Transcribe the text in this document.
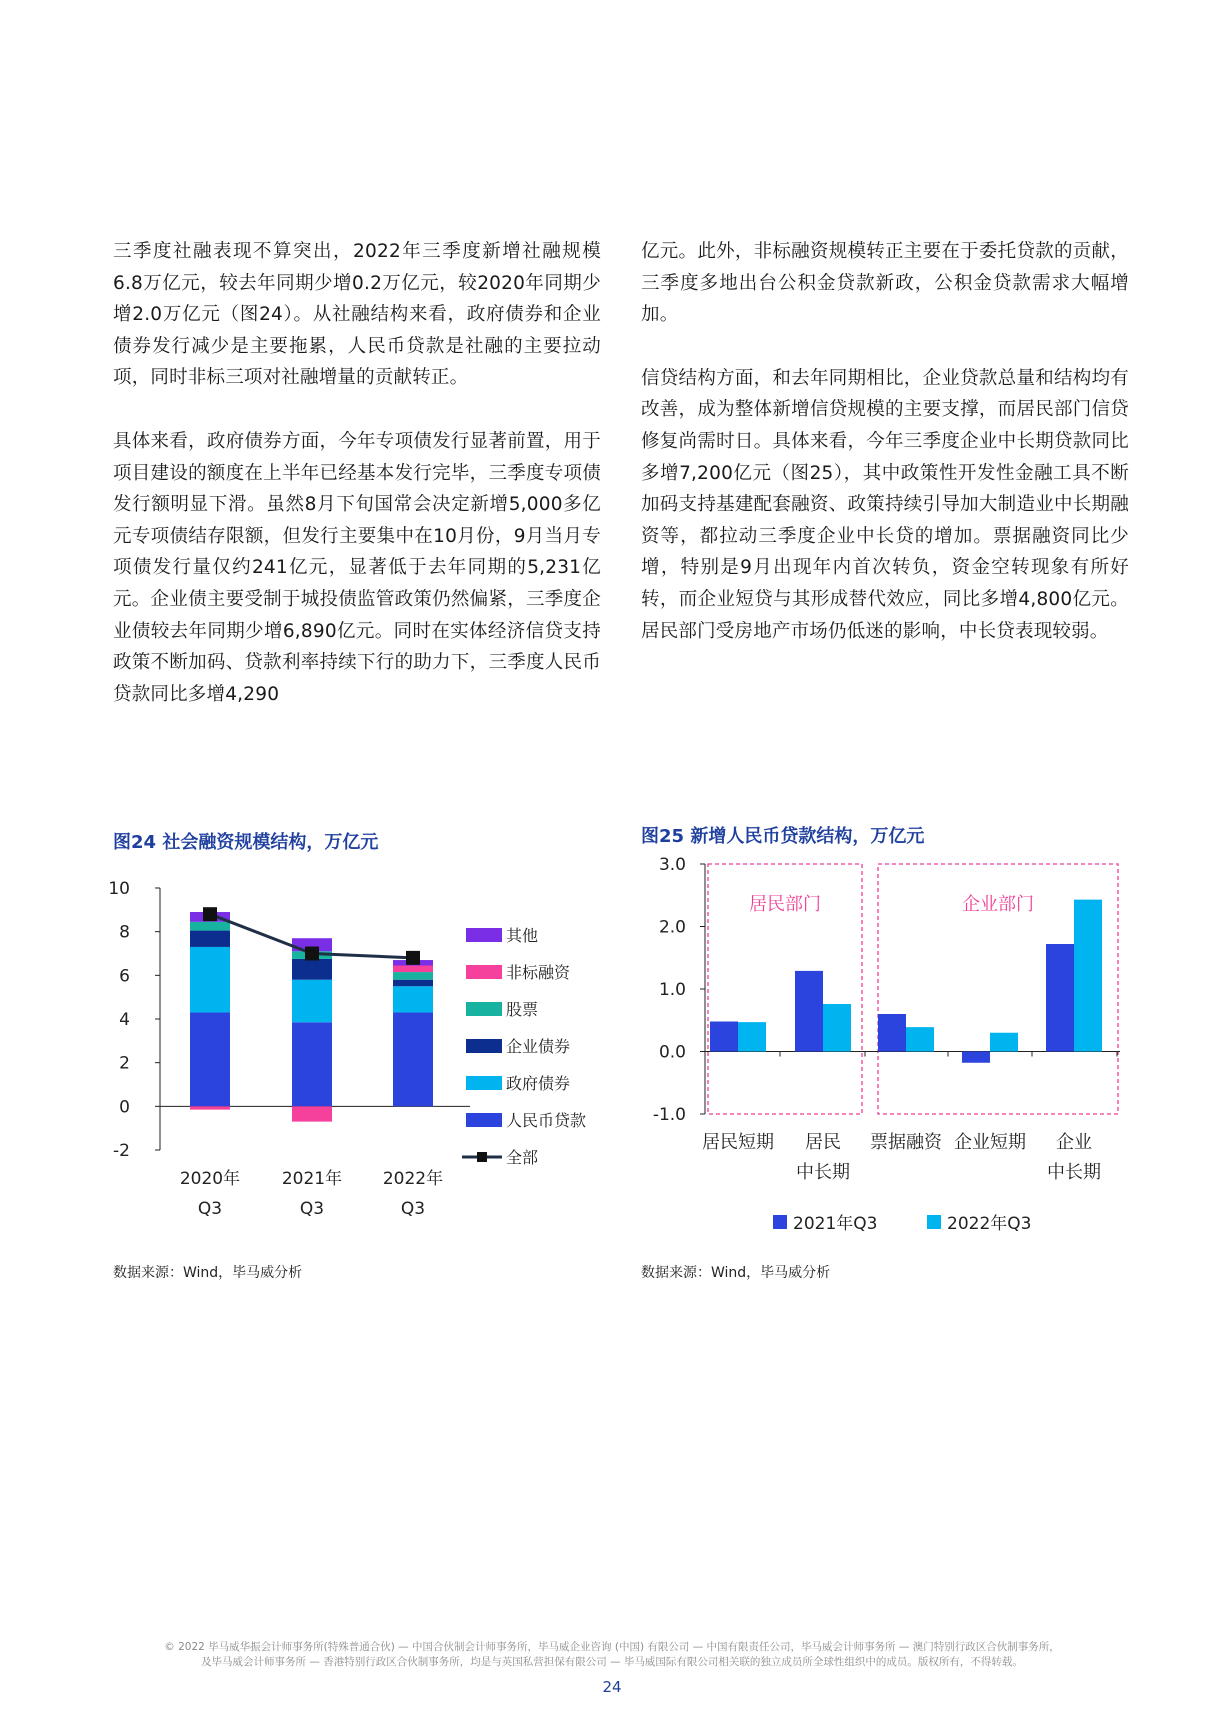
三季度社融表现不算突出，2022年三季度新增社融规模6.8万亿元，较去年同期少增0.2万亿元，较2020年同期少增2.0万亿元（图24）。从社融结构来看，政府债券和企业债券发行减少是主要拖累，人民币贷款是社融的主要拉动项，同时非标三项对社融增量的贡献转正。

具体来看，政府债券方面，今年专项债发行显著前置，用于项目建设的额度在上半年已经基本发行完毕，三季度专项债发行额明显下滑。虽然8月下旬国常会决定新增5,000多亿元专项债结存限额，但发行主要集中在10月份，9月当月专项债发行量仅约241亿元，显著低于去年同期的5,231亿元。企业债主要受制于城投债监管政策仍然偏紧，三季度企业债较去年同期少增6,890亿元。同时在实体经济信贷支持政策不断加码、贷款利率持续下行的助力下，三季度人民币贷款同比多增4,290

亿元。此外，非标融资规模转正主要在于委托贷款的贡献，三季度多地出台公积金贷款新政，公积金贷款需求大幅增加。

信贷结构方面，和去年同期相比，企业贷款总量和结构均有改善，成为整体新增信贷规模的主要支撑，而居民部门信贷修复尚需时日。具体来看，今年三季度企业中长期贷款同比多增7,200亿元（图25），其中政策性开发性金融工具不断加码支持基建配套融资、政策持续引导加大制造业中长期融资等，都拉动三季度企业中长贷的增加。票据融资同比少增，特别是9月出现年内首次转负，资金空转现象有所好转，而企业短贷与其形成替代效应，同比多增4,800亿元。居民部门受房地产市场仍低迷的影响，中长贷表现较弱。

图24 社会融资规模结构，万亿元	图25 新增人民币贷款结构，万亿元
10
8
6
4
2
0
-2
2020年
Q3
2021年
Q3
2022年
Q3
其他
非标融资
股票
企业债券
政府债券
人民币贷款
全部
居民部门	企业部门
3.0
2.0
1.0
0.0
-1.0
居民短期 居民
中长期
票据融资 企业短期 企业
中长期
2021年Q3	2022年Q3
数据来源：Wind，毕马威分析	数据来源：Wind，毕马威分析
© 2022 毕马威华振会计师事务所(特殊普通合伙) — 中国合伙制会计师事务所，毕马威企业咨询 (中国) 有限公司 — 中国有限责任公司，毕马威会计师事务所 — 澳门特别行政区合伙制事务所，
及毕马威会计师事务所 — 香港特别行政区合伙制事务所，均是与英国私营担保有限公司 — 毕马威国际有限公司相关联的独立成员所全球性组织中的成员。版权所有，不得转载。
24
